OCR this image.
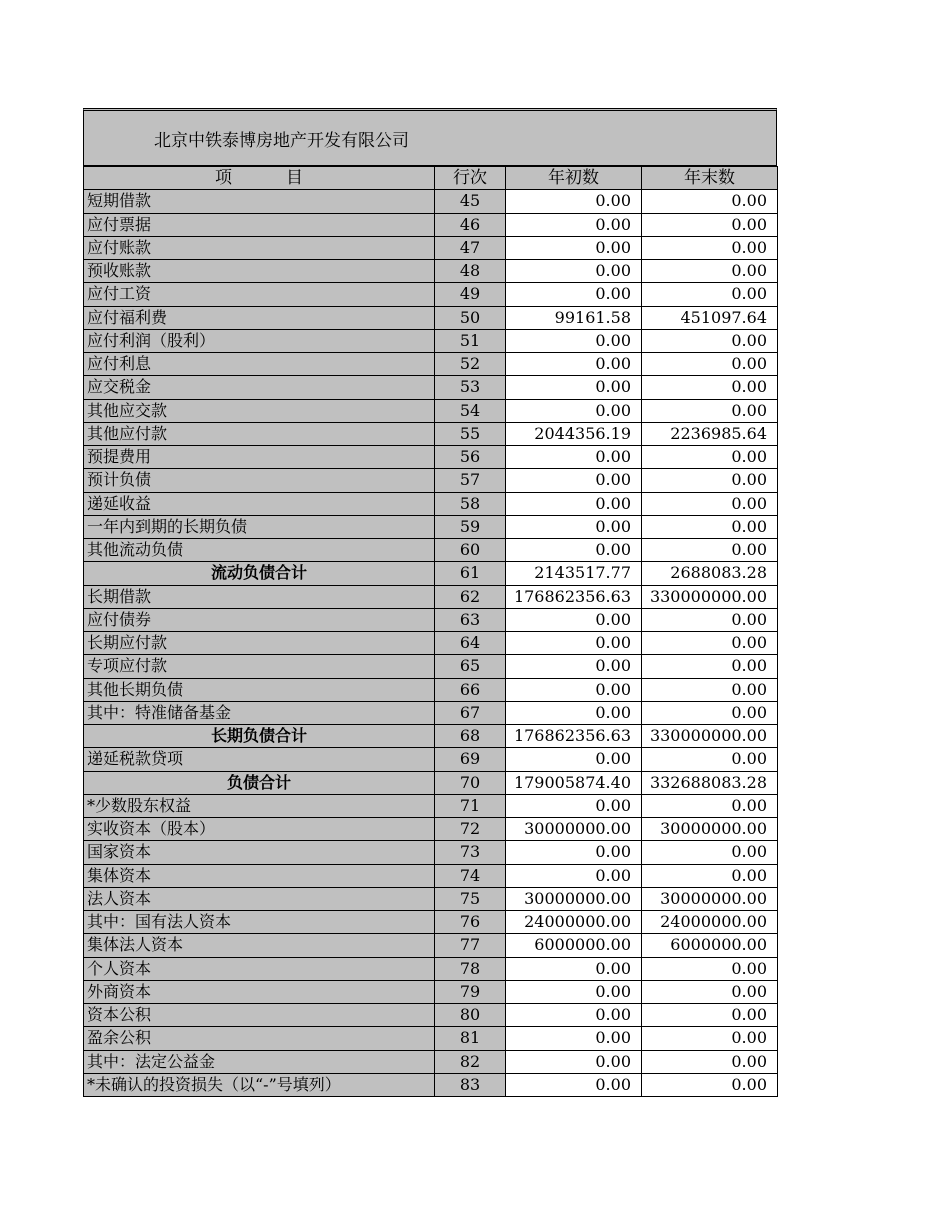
北京中铁泰博房地产开发有限公司
项          目	行次	年初数	年末数
短期借款	45	0.00	0.00
应付票据	46	0.00	0.00
应付账款	47	0.00	0.00
预收账款	48	0.00	0.00
应付工资	49	0.00	0.00
应付福利费	50	99161.58	451097.64
应付利润（股利）	51	0.00	0.00
应付利息	52	0.00	0.00
应交税金	53	0.00	0.00
其他应交款	54	0.00	0.00
其他应付款	55	2044356.19	2236985.64
预提费用	56	0.00	0.00
预计负债	57	0.00	0.00
递延收益	58	0.00	0.00
一年内到期的长期负债	59	0.00	0.00
其他流动负债	60	0.00	0.00
流动负债合计	61	2143517.77	2688083.28
长期借款	62	176862356.63	330000000.00
应付债券	63	0.00	0.00
长期应付款	64	0.00	0.00
专项应付款	65	0.00	0.00
其他长期负债	66	0.00	0.00
其中：特准储备基金	67	0.00	0.00
长期负债合计	68	176862356.63	330000000.00
递延税款贷项	69	0.00	0.00
负债合计	70	179005874.40	332688083.28
*少数股东权益	71	0.00	0.00
实收资本（股本）	72	30000000.00	30000000.00
国家资本	73	0.00	0.00
集体资本	74	0.00	0.00
法人资本	75	30000000.00	30000000.00
其中：国有法人资本	76	24000000.00	24000000.00
集体法人资本	77	6000000.00	6000000.00
个人资本	78	0.00	0.00
外商资本	79	0.00	0.00
资本公积	80	0.00	0.00
盈余公积	81	0.00	0.00
其中：法定公益金	82	0.00	0.00
*未确认的投资损失（以“-”号填列）	83	0.00	0.00
